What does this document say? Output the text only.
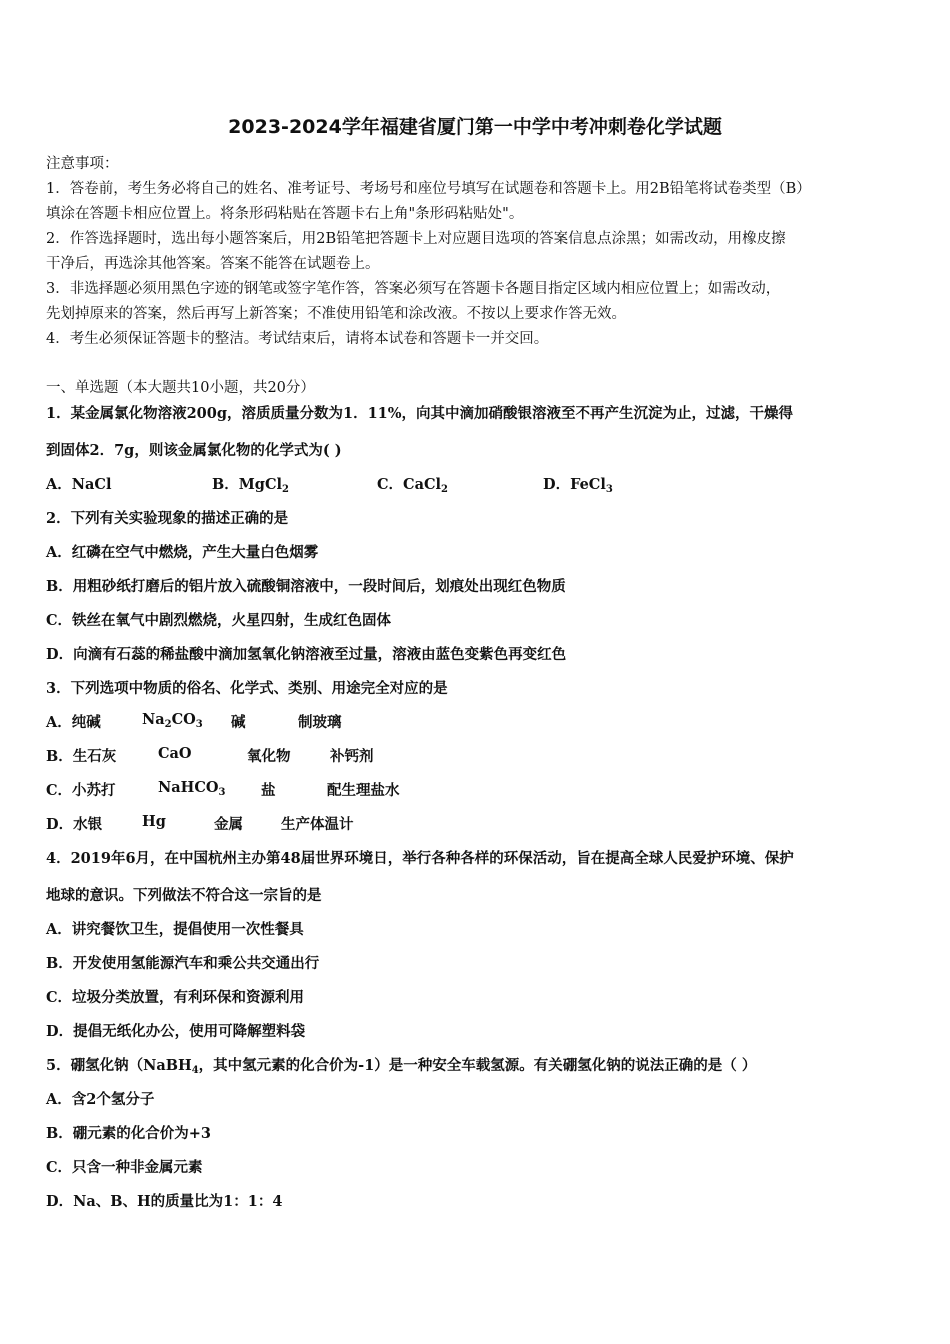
2023-2024学年福建省厦门第一中学中考冲刺卷化学试题
注意事项：
1．答卷前，考生务必将自己的姓名、准考证号、考场号和座位号填写在试题卷和答题卡上。用2B铅笔将试卷类型（B）
填涂在答题卡相应位置上。将条形码粘贴在答题卡右上角"条形码粘贴处"。
2．作答选择题时，选出每小题答案后，用2B铅笔把答题卡上对应题目选项的答案信息点涂黑；如需改动，用橡皮擦
干净后，再选涂其他答案。答案不能答在试题卷上。
3．非选择题必须用黑色字迹的钢笔或签字笔作答，答案必须写在答题卡各题目指定区域内相应位置上；如需改动，
先划掉原来的答案，然后再写上新答案；不准使用铅笔和涂改液。不按以上要求作答无效。
4．考生必须保证答题卡的整洁。考试结束后，请将本试卷和答题卡一并交回。
一、单选题（本大题共10小题，共20分）
1．某金属氯化物溶液200g，溶质质量分数为1．11%，向其中滴加硝酸银溶液至不再产生沉淀为止，过滤，干燥得
到固体2．7g，则该金属氯化物的化学式为( )
A．NaCl	B．MgCl$_2$	C．CaCl$_2$	D．FeCl$_3$
2．下列有关实验现象的描述正确的是
A．红磷在空气中燃烧，产生大量白色烟雾
B．用粗砂纸打磨后的铝片放入硫酸铜溶液中，一段时间后，划痕处出现红色物质
C．铁丝在氧气中剧烈燃烧，火星四射，生成红色固体
D．向滴有石蕊的稀盐酸中滴加氢氧化钠溶液至过量，溶液由蓝色变紫色再变红色
3．下列选项中物质的俗名、化学式、类别、用途完全对应的是
A．纯碱	$Na_2CO_3$ 碱	制玻璃
B．生石灰	CaO	氧化物	补钙剂
C．小苏打	NaHCO$_3$ 盐	配生理盐水
D．水银	Hg	金属	生产体温计
4．2019年6月，在中国杭州主办第48届世界环境日，举行各种各样的环保活动，旨在提高全球人民爱护环境、保护
地球的意识。下列做法不符合这一宗旨的是
A．讲究餐饮卫生，提倡使用一次性餐具
B．开发使用氢能源汽车和乘公共交通出行
C．垃圾分类放置，有利环保和资源利用
D．提倡无纸化办公，使用可降解塑料袋
5．硼氢化钠（NaBH$_4$，其中氢元素的化合价为-1）是一种安全车载氢源。有关硼氢化钠的说法正确的是（ ）
A．含2个氢分子
B．硼元素的化合价为+3
C．只含一种非金属元素
D．Na、B、H的质量比为1：1：4
